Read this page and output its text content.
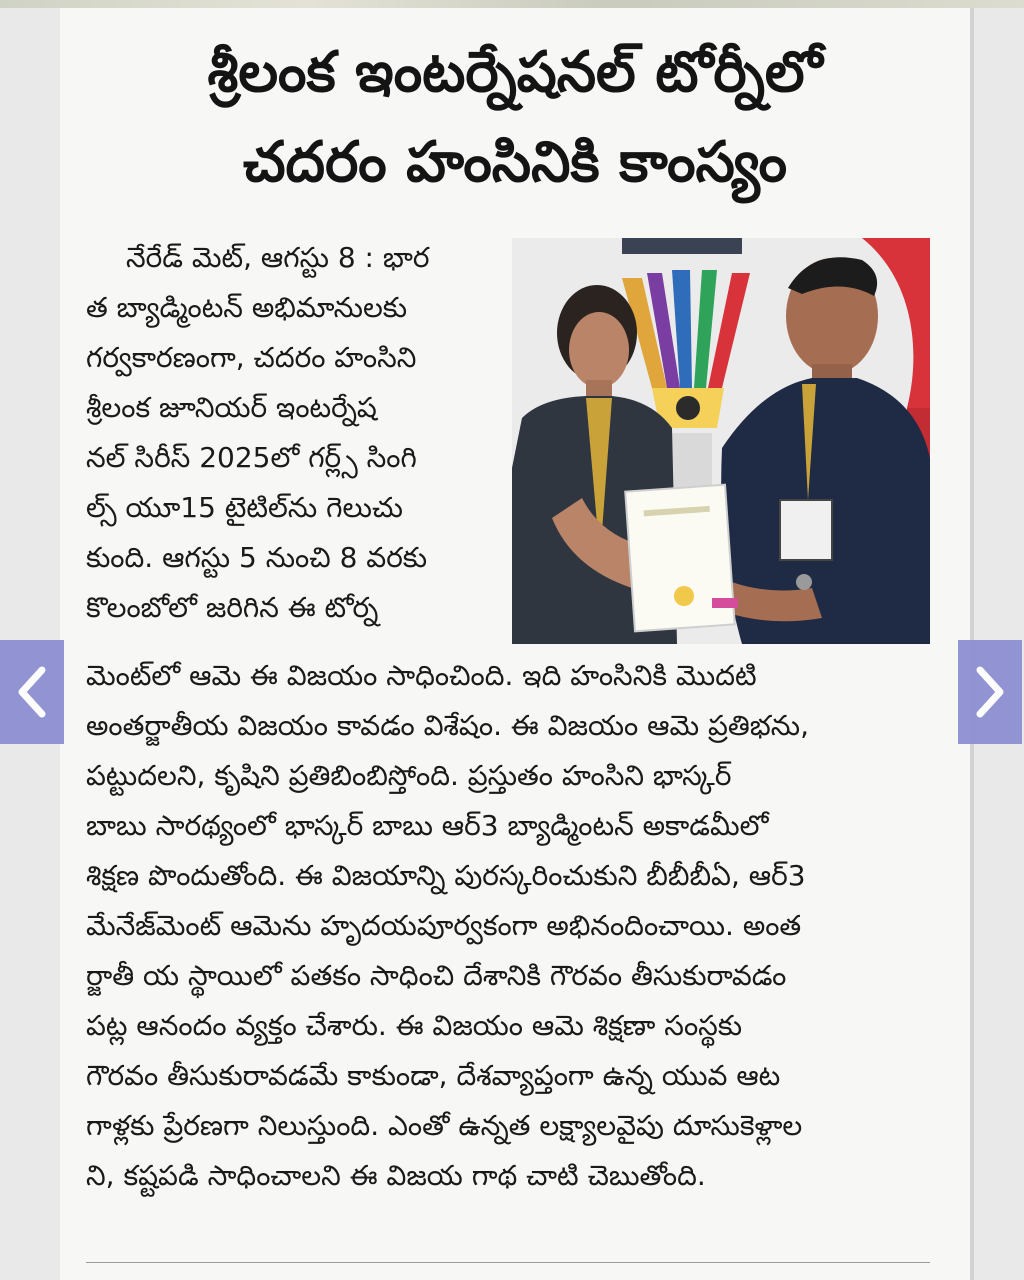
శ్రీలంక ఇంటర్నేషనల్ టోర్నీలో
చదరం హంసినికి కాంస్యం
నేరేడ్ మెట్, ఆగస్టు 8 : భార
త బ్యాడ్మింటన్ అభిమానులకు
గర్వకారణంగా, చదరం హంసిని
శ్రీలంక జూనియర్ ఇంటర్నేష
నల్ సిరీస్ 2025లో గర్ల్స్ సింగి
ల్స్ యూ15 టైటిల్‌ను గెలుచు
కుంది. ఆగస్టు 5 నుంచి 8 వరకు
కొలంబోలో జరిగిన ఈ టోర్న
మెంట్‌లో ఆమె ఈ విజయం సాధించింది. ఇది హంసినికి మొదటి
అంతర్జాతీయ విజయం కావడం విశేషం. ఈ విజయం ఆమె ప్రతిభను,
పట్టుదలని, కృషిని ప్రతిబింబిస్తోంది. ప్రస్తుతం హంసిని భాస్కర్
బాబు సారథ్యంలో భాస్కర్ బాబు ఆర్3 బ్యాడ్మింటన్ అకాడమీలో
శిక్షణ పొందుతోంది. ఈ విజయాన్ని పురస్కరించుకుని బీబీబీఏ, ఆర్3
మేనేజ్‌మెంట్ ఆమెను హృదయపూర్వకంగా అభినందించాయి. అంత
ర్జాతీ య స్థాయిలో పతకం సాధించి దేశానికి గౌరవం తీసుకురావడం
పట్ల ఆనందం వ్యక్తం చేశారు. ఈ విజయం ఆమె శిక్షణా సంస్థకు
గౌరవం తీసుకురావడమే కాకుండా, దేశవ్యాప్తంగా ఉన్న యువ ఆట
గాళ్లకు ప్రేరణగా నిలుస్తుంది. ఎంతో ఉన్నత లక్ష్యాలవైపు దూసుకెళ్లాల
ని, కష్టపడి సాధించాలని ఈ విజయ గాథ చాటి చెబుతోంది.
